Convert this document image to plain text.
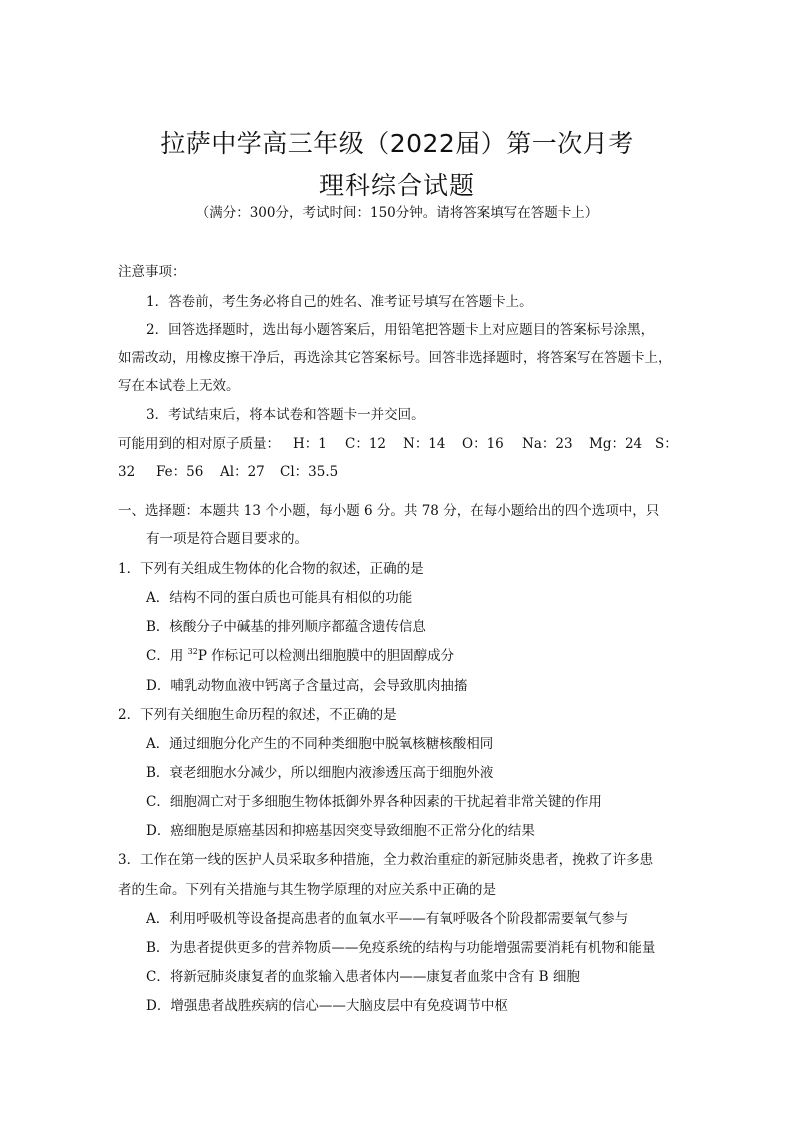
拉萨中学高三年级（2022届）第一次月考
理科综合试题
（满分：300分，考试时间：150分钟。请将答案填写在答题卡上）
注意事项：
1．答卷前，考生务必将自己的姓名、准考证号填写在答题卡上。
2．回答选择题时，选出每小题答案后，用铅笔把答题卡上对应题目的答案标号涂黑，
如需改动，用橡皮擦干净后，再选涂其它答案标号。回答非选择题时，将答案写在答题卡上，
写在本试卷上无效。
3．考试结束后，将本试卷和答题卡一并交回。
可能用到的相对原子质量： H：1 C：12 N：14 O：16 Na：23 Mg：24 S：
32 Fe：56 Al：27 Cl：35.5
一、选择题：本题共 13 个小题，每小题 6 分。共 78 分，在每小题给出的四个选项中，只
有一项是符合题目要求的。
1．下列有关组成生物体的化合物的叙述，正确的是
A．结构不同的蛋白质也可能具有相似的功能
B．核酸分子中碱基的排列顺序都蕴含遗传信息
C．用 $^{32}$P 作标记可以检测出细胞膜中的胆固醇成分
D．哺乳动物血液中钙离子含量过高，会导致肌肉抽搐
2．下列有关细胞生命历程的叙述，不正确的是
A．通过细胞分化产生的不同种类细胞中脱氧核糖核酸相同
B．衰老细胞水分减少，所以细胞内液渗透压高于细胞外液
C．细胞凋亡对于多细胞生物体抵御外界各种因素的干扰起着非常关键的作用
D．癌细胞是原癌基因和抑癌基因突变导致细胞不正常分化的结果
3．工作在第一线的医护人员采取多种措施，全力救治重症的新冠肺炎患者，挽救了许多患
者的生命。下列有关措施与其生物学原理的对应关系中正确的是
A．利用呼吸机等设备提高患者的血氧水平——有氧呼吸各个阶段都需要氧气参与
B．为患者提供更多的营养物质——免疫系统的结构与功能增强需要消耗有机物和能量
C．将新冠肺炎康复者的血浆输入患者体内——康复者血浆中含有 B 细胞
D．增强患者战胜疾病的信心——大脑皮层中有免疫调节中枢
